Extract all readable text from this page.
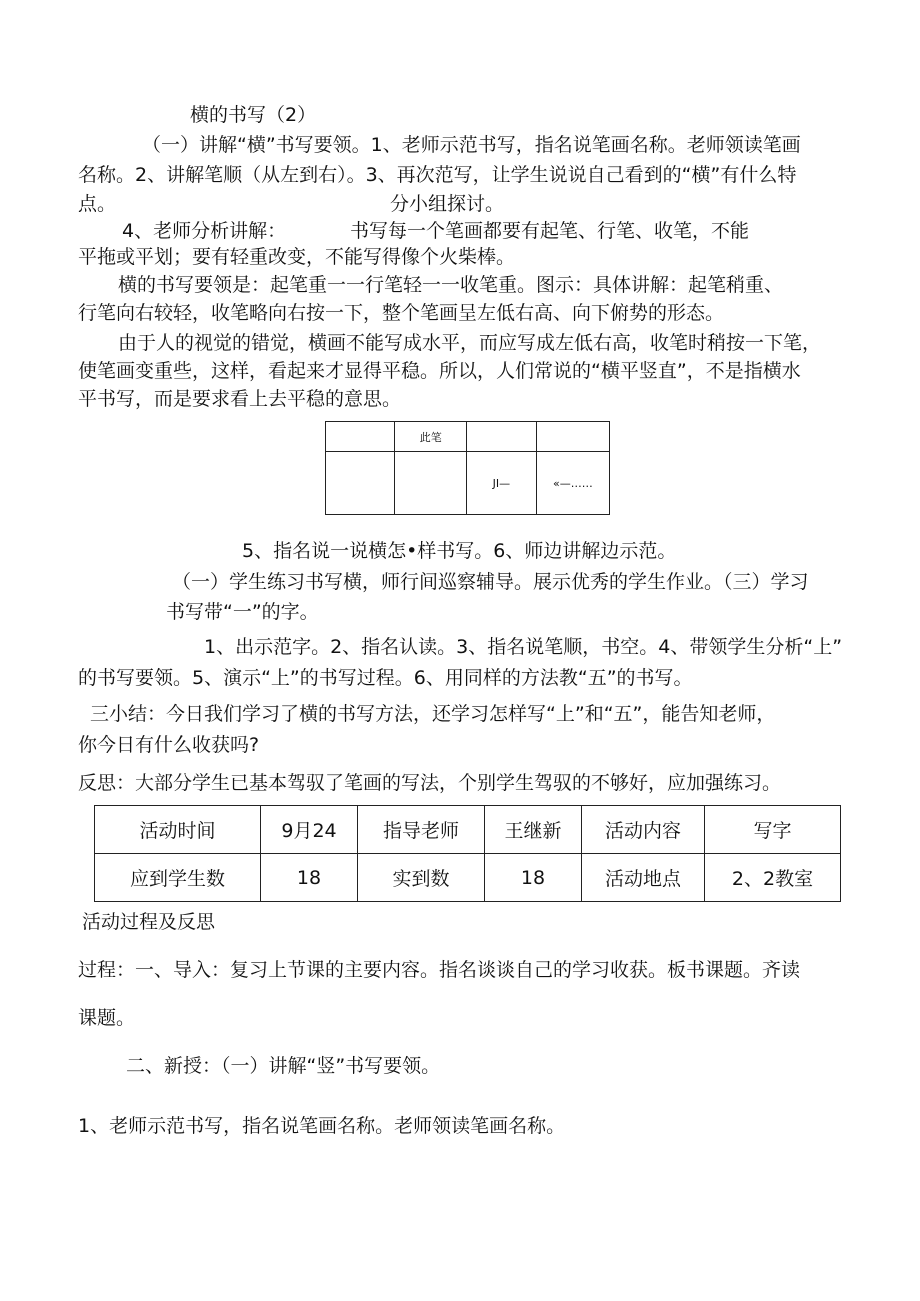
横的书写（2）
（一）讲解“横”书写要领。1、老师示范书写，指名说笔画名称。老师领读笔画
名称。2、讲解笔顺（从左到右）。3、再次范写，让学生说说自己看到的“横”有什么特
点。	分小组探讨。
4、老师分析讲解：	书写每一个笔画都要有起笔、行笔、收笔，不能
平拖或平划；要有轻重改变，不能写得像个火柴棒。
横的书写要领是：起笔重一一行笔轻一一收笔重。图示：具体讲解：起笔稍重、
行笔向右较轻，收笔略向右按一下，整个笔画呈左低右高、向下俯势的形态。
由于人的视觉的错觉，横画不能写成水平，而应写成左低右高，收笔时稍按一下笔，
使笔画变重些，这样，看起来才显得平稳。所以，人们常说的“横平竖直”，不是指横水
平书写，而是要求看上去平稳的意思。
	此笔		
		JI—	«—……
5、指名说一说横怎•样书写。6、师边讲解边示范。
（一）学生练习书写横，师行间巡察辅导。展示优秀的学生作业。（三）学习
书写带“一”的字。
1、出示范字。2、指名认读。3、指名说笔顺，书空。4、带领学生分析“上”
的书写要领。5、演示“上”的书写过程。6、用同样的方法教“五”的书写。
三小结：今日我们学习了横的书写方法，还学习怎样写“上”和“五”，能告知老师，
你今日有什么收获吗?
反思：大部分学生已基本驾驭了笔画的写法，个别学生驾驭的不够好，应加强练习。
活动时间	9月24	指导老师	王继新	活动内容	写字
应到学生数	18	实到数	18	活动地点	2、2教室
活动过程及反思
过程：一、导入：复习上节课的主要内容。指名谈谈自己的学习收获。板书课题。齐读
课题。
二、新授：（一）讲解“竖”书写要领。
1、老师示范书写，指名说笔画名称。老师领读笔画名称。
